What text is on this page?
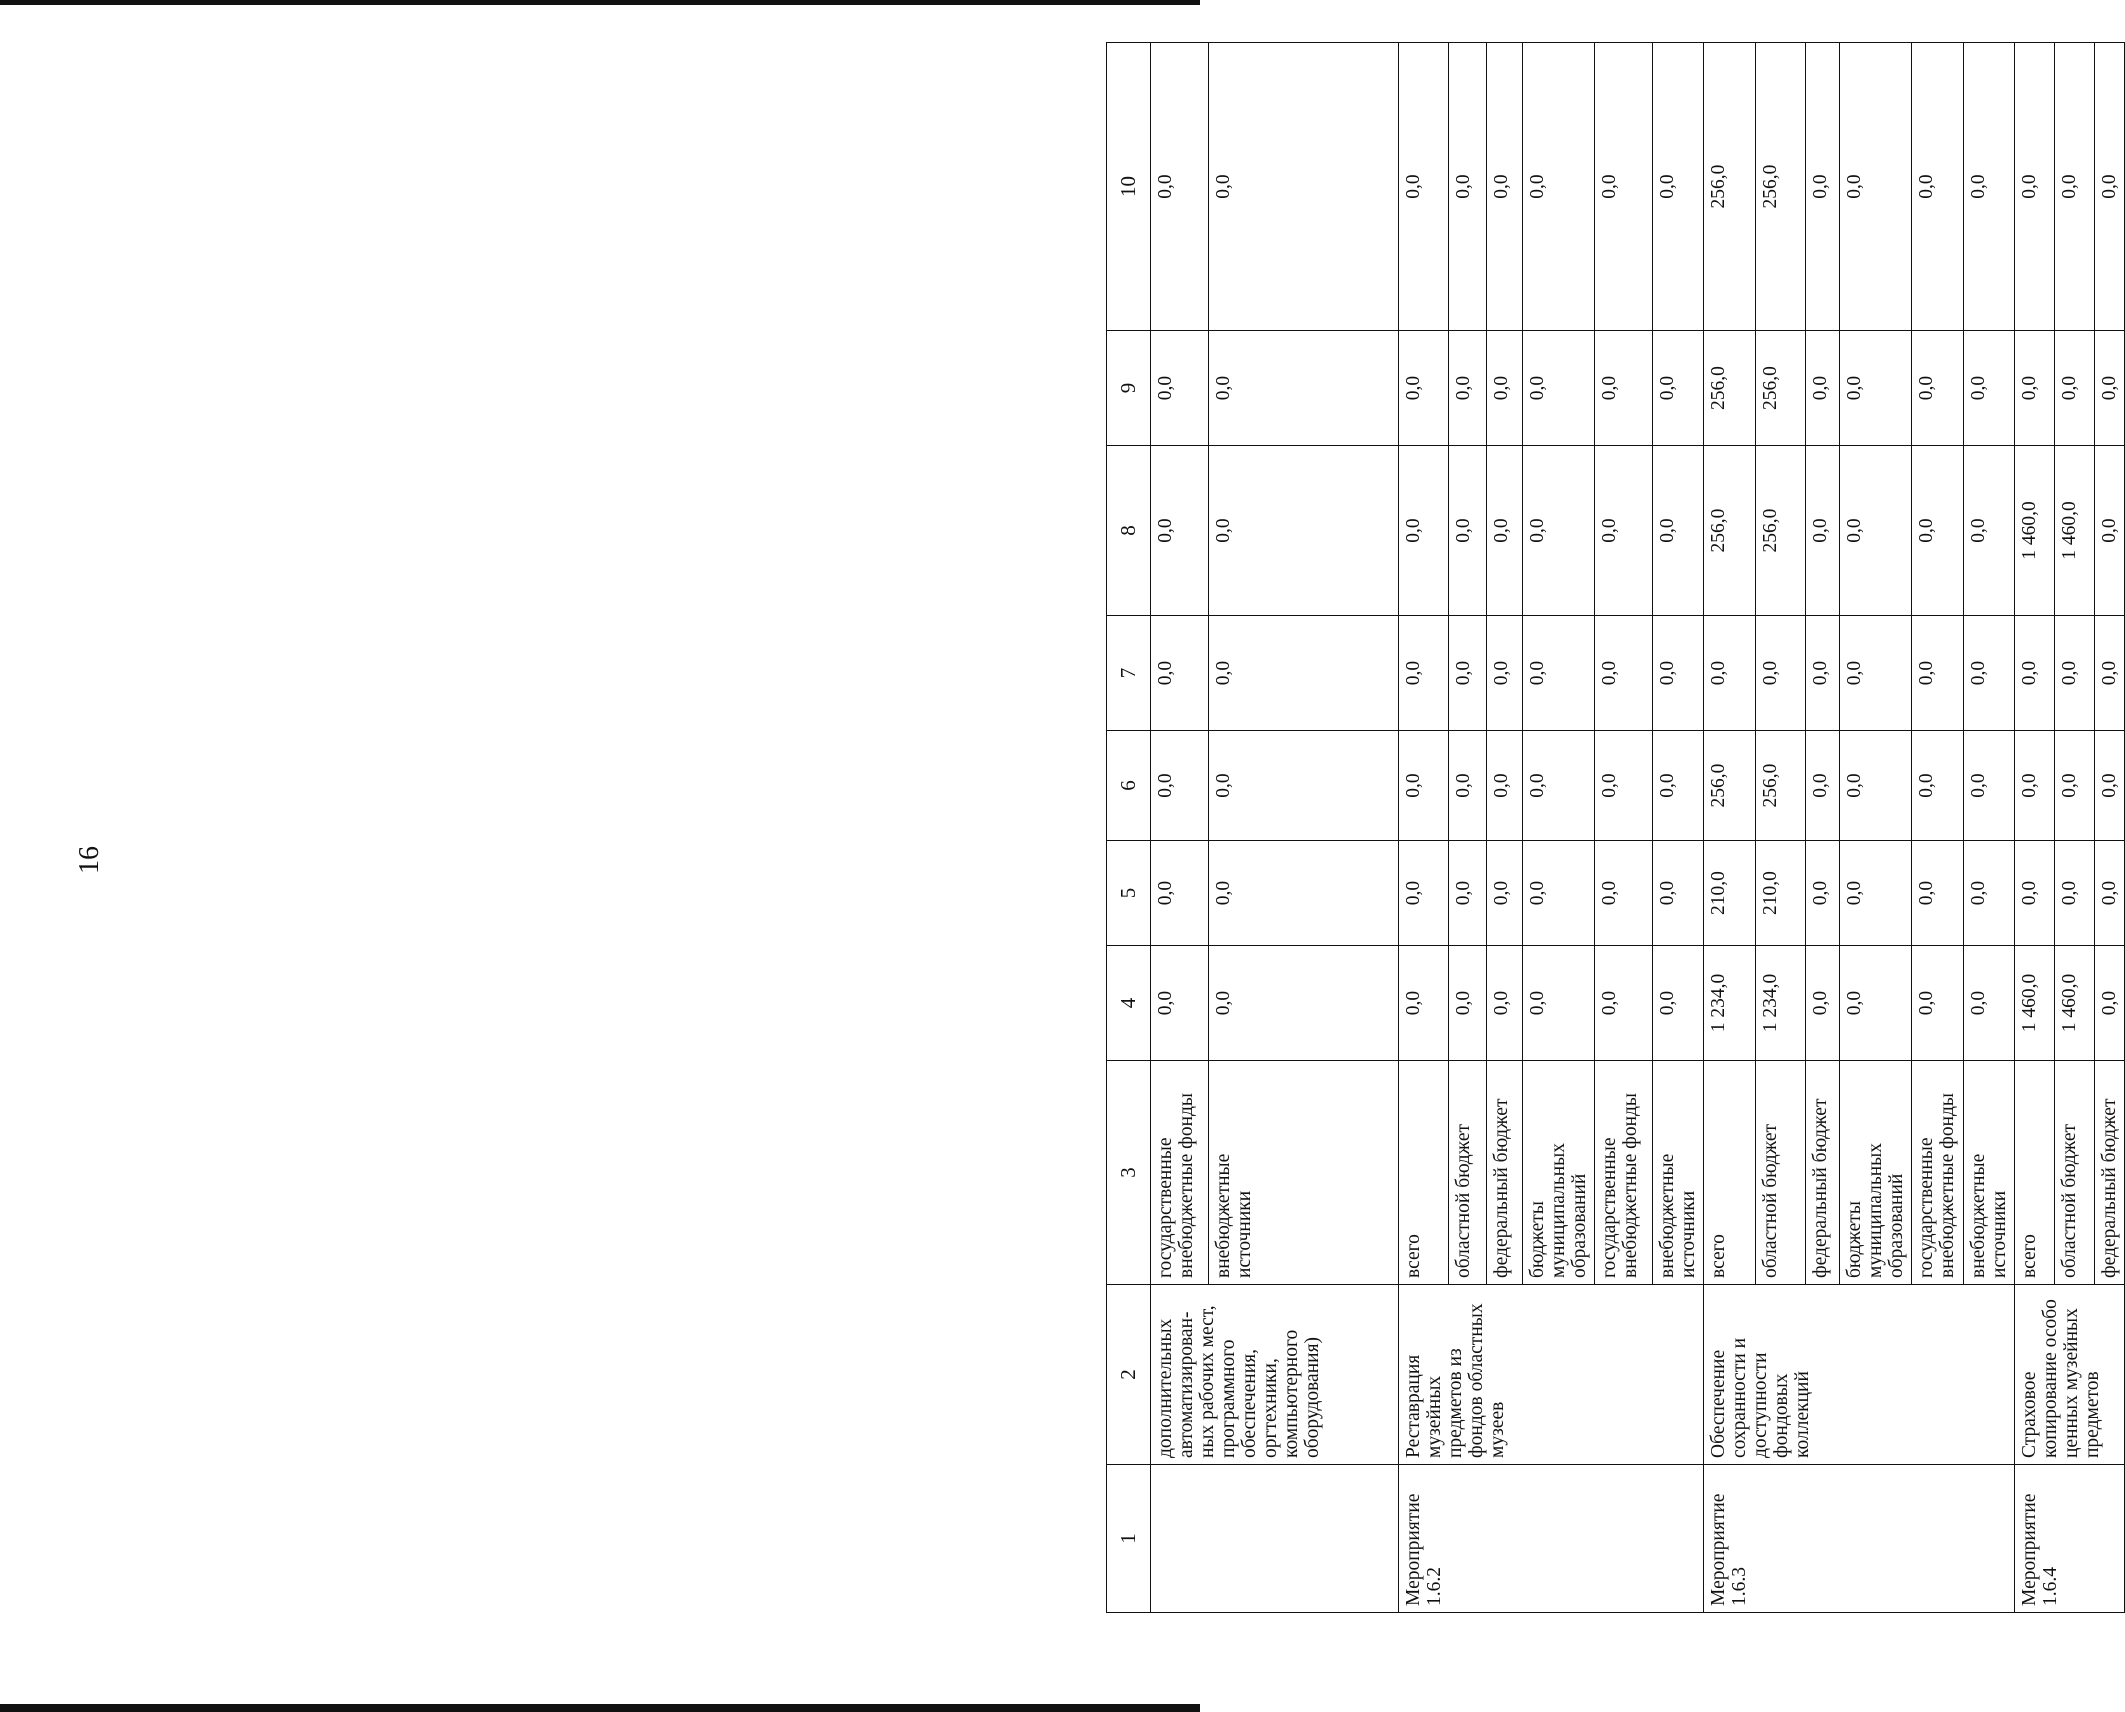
16
1	2	3	4	5	6	7	8	9	10
	дополнительных автоматизирован-ных рабочих мест, программного обеспечения, оргтехники, компьютерного оборудования)	государственные внебюджетные фонды	0,0	0,0	0,0	0,0	0,0	0,0	0,0
		внебюджетные источники	0,0	0,0	0,0	0,0	0,0	0,0	0,0
Мероприятие 1.6.2	Реставрация музейных предметов из фондов областных музеев	всего	0,0	0,0	0,0	0,0	0,0	0,0	0,0
		областной бюджет	0,0	0,0	0,0	0,0	0,0	0,0	0,0
		федеральный бюджет	0,0	0,0	0,0	0,0	0,0	0,0	0,0
		бюджеты муниципальных образований	0,0	0,0	0,0	0,0	0,0	0,0	0,0
		государственные внебюджетные фонды	0,0	0,0	0,0	0,0	0,0	0,0	0,0
		внебюджетные источники	0,0	0,0	0,0	0,0	0,0	0,0	0,0
Мероприятие 1.6.3	Обеспечение сохранности и доступности фондовых коллекций	всего	1 234,0	210,0	256,0	0,0	256,0	256,0	256,0
		областной бюджет	1 234,0	210,0	256,0	0,0	256,0	256,0	256,0
		федеральный бюджет	0,0	0,0	0,0	0,0	0,0	0,0	0,0
		бюджеты муниципальных образований	0,0	0,0	0,0	0,0	0,0	0,0	0,0
		государственные внебюджетные фонды	0,0	0,0	0,0	0,0	0,0	0,0	0,0
		внебюджетные источники	0,0	0,0	0,0	0,0	0,0	0,0	0,0
Мероприятие 1.6.4	Страховое копирование особо ценных музейных предметов	всего	1 460,0	0,0	0,0	0,0	1 460,0	0,0	0,0
		областной бюджет	1 460,0	0,0	0,0	0,0	1 460,0	0,0	0,0
		федеральный бюджет	0,0	0,0	0,0	0,0	0,0	0,0	0,0
